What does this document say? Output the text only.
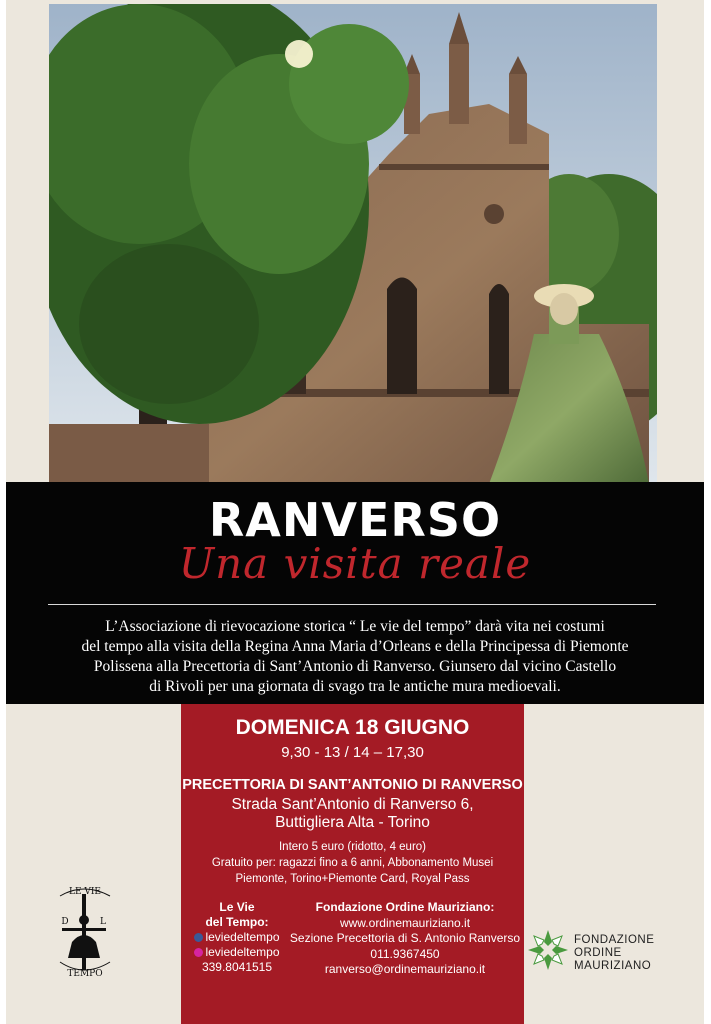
RANVERSO
Una visita reale
L’Associazione di rievocazione storica “ Le vie del tempo” darà vita nei costumi
del tempo alla visita della Regina Anna Maria d’Orleans e della Principessa di Piemonte
Polissena alla Precettoria di Sant’Antonio di Ranverso. Giunsero dal vicino Castello
di Rivoli per una giornata di svago tra le antiche mura medioevali.
DOMENICA 18 GIUGNO
9,30 - 13 / 14 – 17,30
PRECETTORIA DI SANT’ANTONIO DI RANVERSO
Strada Sant’Antonio di Ranverso 6,
Buttigliera Alta - Torino
Intero 5 euro (ridotto, 4 euro)
Gratuito per: ragazzi fino a 6 anni, Abbonamento Musei
Piemonte, Torino+Piemonte Card, Royal Pass
Le Vie
del Tempo:
leviedeltempo
leviedeltempo
339.8041515
Fondazione Ordine Mauriziano:
www.ordinemauriziano.it
Sezione Precettoria di S. Antonio Ranverso
011.9367450
ranverso@ordinemauriziano.it
LE VIE
D	L
TEMPO
FONDAZIONE
ORDINE
MAURIZIANO
